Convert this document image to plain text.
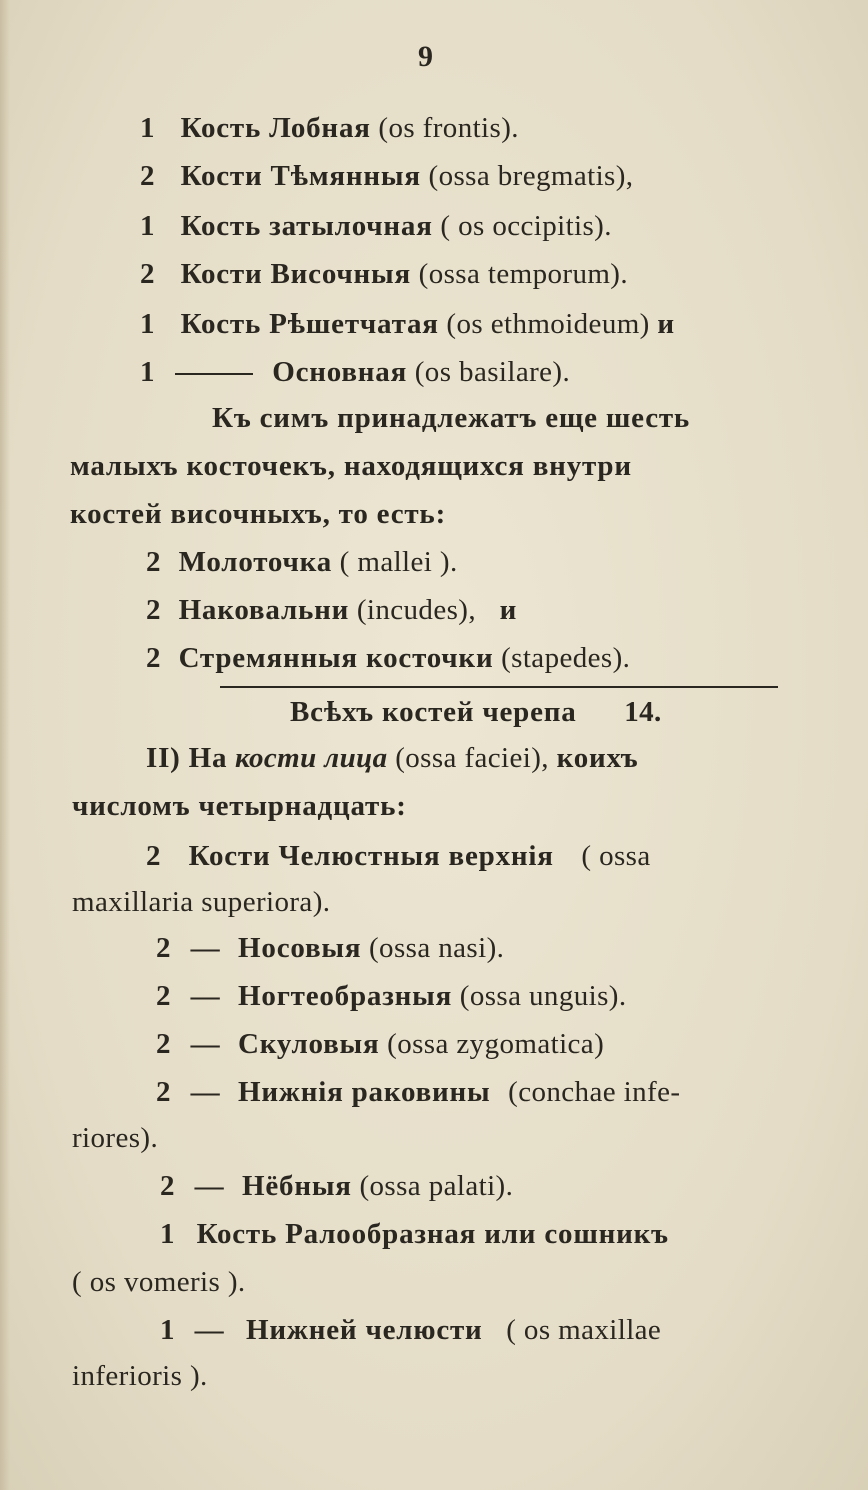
9
1 Кость Лобная (os frontis).
2 Кости Тѣмянныя (ossa bregmatis),
1 Кость затылочная ( os occipitis).
2 Кости Височныя (ossa temporum).
1 Кость Рѣшетчатая (os ethmoideum) и
1	Основная (os basilare).
Къ симъ принадлежатъ еще шесть
малыхъ косточекъ, находящихся внутри
костей височныхъ, то есть:
2 Молоточка ( mallei ).
2 Наковальни (incudes), и
2 Стремянныя косточки (stapedes).
Всѣхъ костей черепа 14.
II) На кости лица (ossa faciei), коихъ
числомъ четырнадцать:
2 Кости Челюстныя верхнія ( ossa
maxillaria superiora).
2 — Носовыя (ossa nasi).
2 — Ногтеобразныя (ossa unguis).
2 — Скуловыя (ossa zygomatica)
2 — Нижнія раковины (conchae infe-
riores).
2 — Нёбныя (ossa palati).
1 Кость Ралообразная или сошникъ
( os vomeris ).
1 — Нижней челюсти ( os maxillae
inferioris ).
